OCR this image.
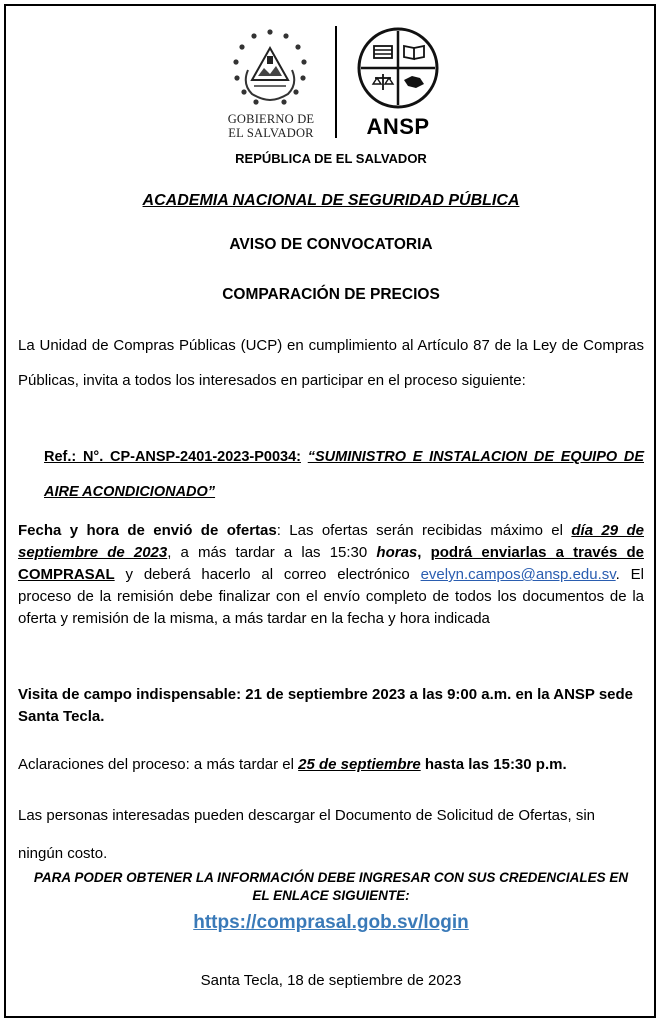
GOBIERNO DE
EL SALVADOR	ANSP
REPÚBLICA DE EL SALVADOR
ACADEMIA NACIONAL DE SEGURIDAD PÚBLICA
AVISO DE CONVOCATORIA
COMPARACIÓN DE PRECIOS
La Unidad de Compras Públicas (UCP) en cumplimiento al Artículo 87 de la Ley de Compras Públicas, invita a todos los interesados en participar en el proceso siguiente:
Ref.: N°. CP-ANSP-2401-2023-P0034: “SUMINISTRO E INSTALACION DE EQUIPO DE AIRE ACONDICIONADO”
Fecha y hora de envió de ofertas: Las ofertas serán recibidas máximo el día 29 de septiembre de 2023, a más tardar a las 15:30 horas, podrá enviarlas a través de COMPRASAL y deberá hacerlo al correo electrónico evelyn.campos@ansp.edu.sv. El proceso de la remisión debe finalizar con el envío completo de todos los documentos de la oferta y remisión de la misma, a más tardar en la fecha y hora indicada
Visita de campo indispensable: 21 de septiembre 2023 a las 9:00 a.m. en la ANSP sede Santa Tecla.
Aclaraciones del proceso: a más tardar el 25 de septiembre hasta las 15:30 p.m.
Las personas interesadas pueden descargar el Documento de Solicitud de Ofertas, sin ningún costo.
PARA PODER OBTENER LA INFORMACIÓN DEBE INGRESAR CON SUS CREDENCIALES EN
EL ENLACE SIGUIENTE:
https://comprasal.gob.sv/login
Santa Tecla, 18 de septiembre de 2023
